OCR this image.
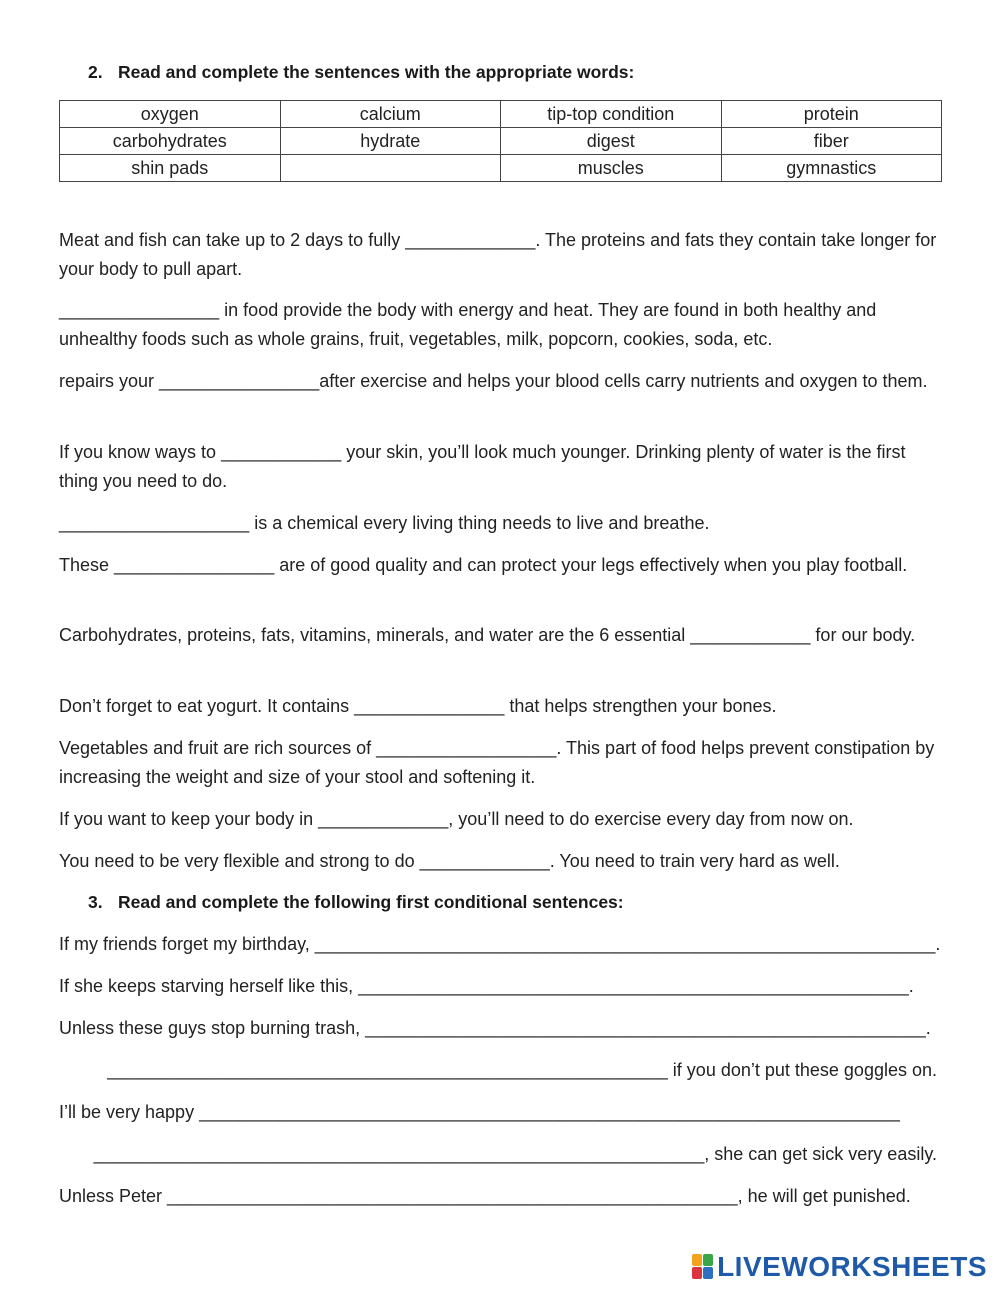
2. Read and complete the sentences with the appropriate words:
oxygen	calcium	tip-top condition	protein
carbohydrates	hydrate	digest	fiber
shin pads		muscles	gymnastics
Meat and fish can take up to 2 days to fully _____________. The proteins and fats they contain take longer for your body to pull apart.
________________ in food provide the body with energy and heat. They are found in both healthy and unhealthy foods such as whole grains, fruit, vegetables, milk, popcorn, cookies, soda, etc.
repairs your ________________after exercise and helps your blood cells carry nutrients and oxygen to them.
If you know ways to ____________ your skin, you’ll look much younger. Drinking plenty of water is the first thing you need to do.
___________________ is a chemical every living thing needs to live and breathe.
These ________________ are of good quality and can protect your legs effectively when you play football.
Carbohydrates, proteins, fats, vitamins, minerals, and water are the 6 essential ____________ for our body.
Don’t forget to eat yogurt. It contains _______________ that helps strengthen your bones.
Vegetables and fruit are rich sources of __________________. This part of food helps prevent constipation by increasing the weight and size of your stool and softening it.
If you want to keep your body in _____________, you’ll need to do exercise every day from now on.
You need to be very flexible and strong to do _____________. You need to train very hard as well.
3. Read and complete the following first conditional sentences:
If my friends forget my birthday, ______________________________________________________________.
If she keeps starving herself like this, _______________________________________________________.
Unless these guys stop burning trash, ________________________________________________________.
________________________________________________________ if you don’t put these goggles on.
I’ll be very happy ______________________________________________________________________
_____________________________________________________________, she can get sick very easily.
Unless Peter _________________________________________________________, he will get punished.
LIVEWORKSHEETS
